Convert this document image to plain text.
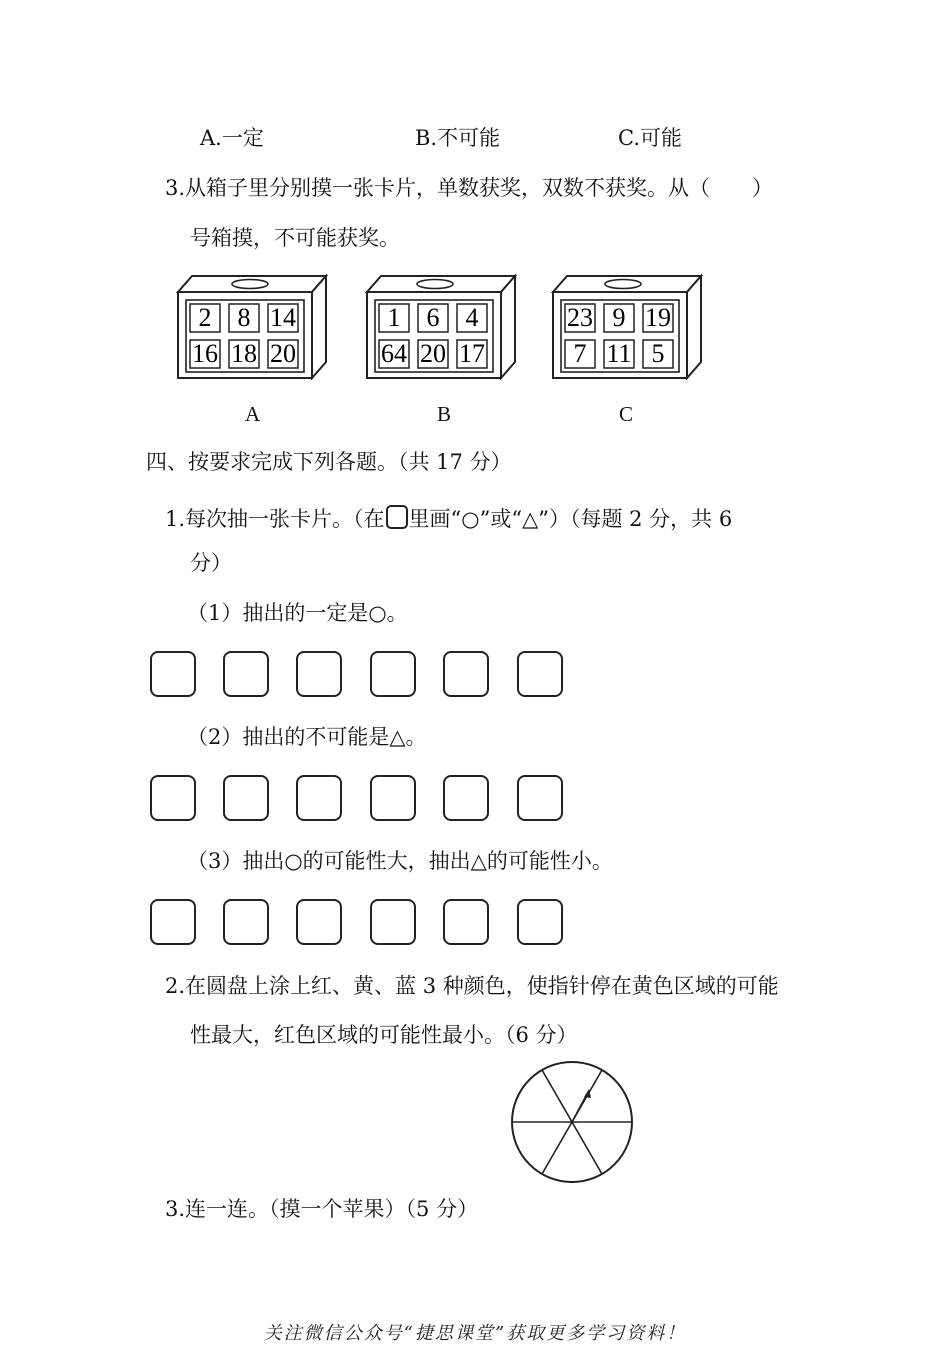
A.一定	B.不可能	C.可能
3.从箱子里分别摸一张卡片，单数获奖，双数不获奖。从（　　）
号箱摸，不可能获奖。
2 8 14
16 18 20
A
1 6 4
64 20 17
B
23 9 19
7 11 5
C
四、按要求完成下列各题。（共 17 分）
1.每次抽一张卡片。（在 里画“○”或“△”）（每题 2 分，共 6
分）
（1）抽出的一定是○。
（2）抽出的不可能是△。
（3）抽出○的可能性大，抽出△的可能性小。
2.在圆盘上涂上红、黄、蓝 3 种颜色，使指针停在黄色区域的可能
性最大，红色区域的可能性最小。（6 分）
3.连一连。（摸一个苹果）（5 分）
关注微信公众号“捷思课堂”获取更多学习资料！
